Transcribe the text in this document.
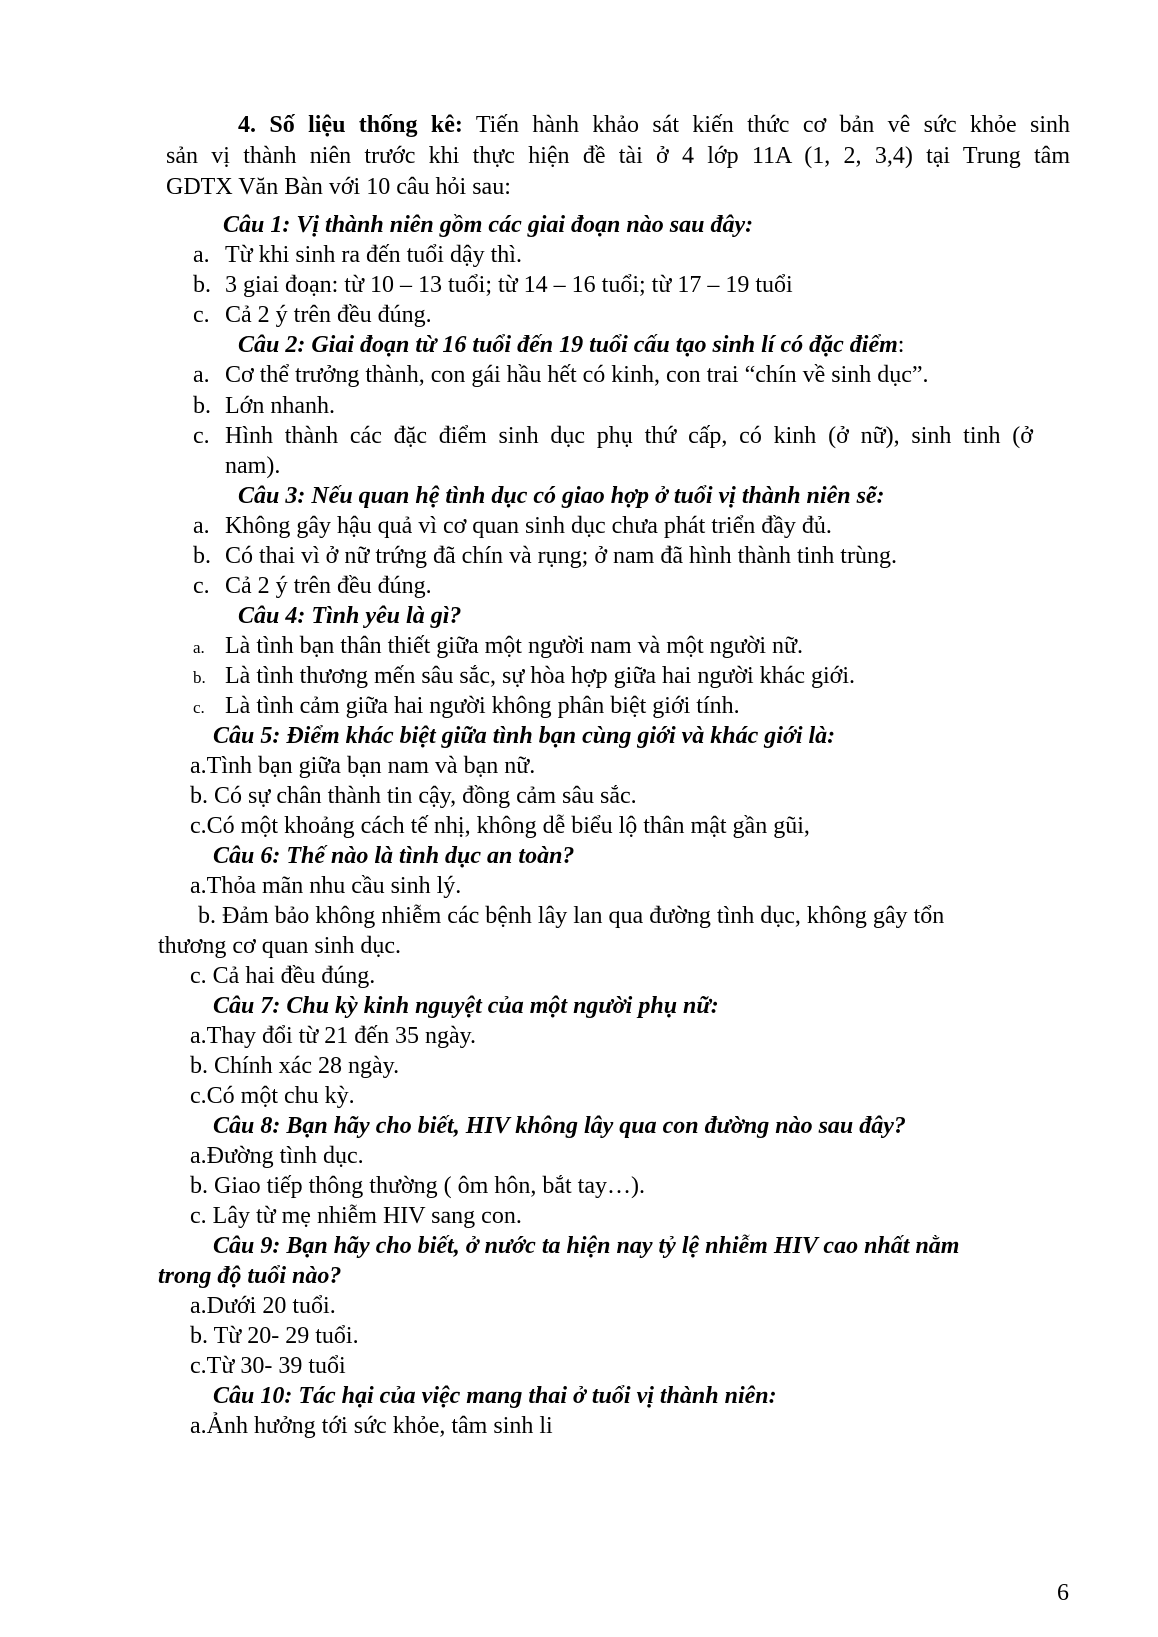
4. Số liệu thống kê: Tiến hành khảo sát kiến thức cơ bản vê sức khỏe sinh
sản vị thành niên trước khi thực hiện đề tài ở 4 lớp 11A (1, 2, 3,4) tại Trung tâm
GDTX Văn Bàn với 10 câu hỏi sau:
Câu 1: Vị thành niên gồm các giai đoạn nào sau đây:
a. Từ khi sinh ra đến tuổi dậy thì.
b. 3 giai đoạn: từ 10 – 13 tuổi; từ 14 – 16 tuổi; từ 17 – 19 tuổi
c. Cả 2 ý trên đều đúng.
Câu 2: Giai đoạn từ 16 tuổi đến 19 tuổi cấu tạo sinh lí có đặc điểm:
a. Cơ thể trưởng thành, con gái hầu hết có kinh, con trai “chín về sinh dục”.
b. Lớn nhanh.
c. Hình thành các đặc điểm sinh dục phụ thứ cấp, có kinh (ở nữ), sinh tinh (ở
nam).
Câu 3: Nếu quan hệ tình dục có giao hợp ở tuổi vị thành niên sẽ:
a. Không gây hậu quả vì cơ quan sinh dục chưa phát triển đầy đủ.
b. Có thai vì ở nữ trứng đã chín và rụng; ở nam đã hình thành tinh trùng.
c. Cả 2 ý trên đều đúng.
Câu 4: Tình yêu là gì?
a. Là tình bạn thân thiết giữa một người nam và một người nữ.
b. Là tình thương mến sâu sắc, sự hòa hợp giữa hai người khác giới.
c. Là tình cảm giữa hai người không phân biệt giới tính.
Câu 5: Điểm khác biệt giữa tình bạn cùng giới và khác giới là:
a.Tình bạn giữa bạn nam và bạn nữ.
b. Có sự chân thành tin cậy, đồng cảm sâu sắc.
c.Có một khoảng cách tế nhị, không dễ biểu lộ thân mật gần gũi,
Câu 6: Thế nào là tình dục an toàn?
a.Thỏa mãn nhu cầu sinh lý.
b. Đảm bảo không nhiễm các bệnh lây lan qua đường tình dục, không gây tổn
thương cơ quan sinh dục.
c. Cả hai đều đúng.
Câu 7: Chu kỳ kinh nguyệt của một người phụ nữ:
a.Thay đổi từ 21 đến 35 ngày.
b. Chính xác 28 ngày.
c.Có một chu kỳ.
Câu 8: Bạn hãy cho biết, HIV không lây qua con đường nào sau đây?
a.Đường tình dục.
b. Giao tiếp thông thường ( ôm hôn, bắt tay…).
c. Lây từ mẹ nhiễm HIV sang con.
Câu 9: Bạn hãy cho biết, ở nước ta hiện nay tỷ lệ nhiễm HIV cao nhất nằm
trong độ tuổi nào?
a.Dưới 20 tuổi.
b. Từ 20- 29 tuổi.
c.Từ 30- 39 tuổi
Câu 10: Tác hại của việc mang thai ở tuổi vị thành niên:
a.Ảnh hưởng tới sức khỏe, tâm sinh li
6
